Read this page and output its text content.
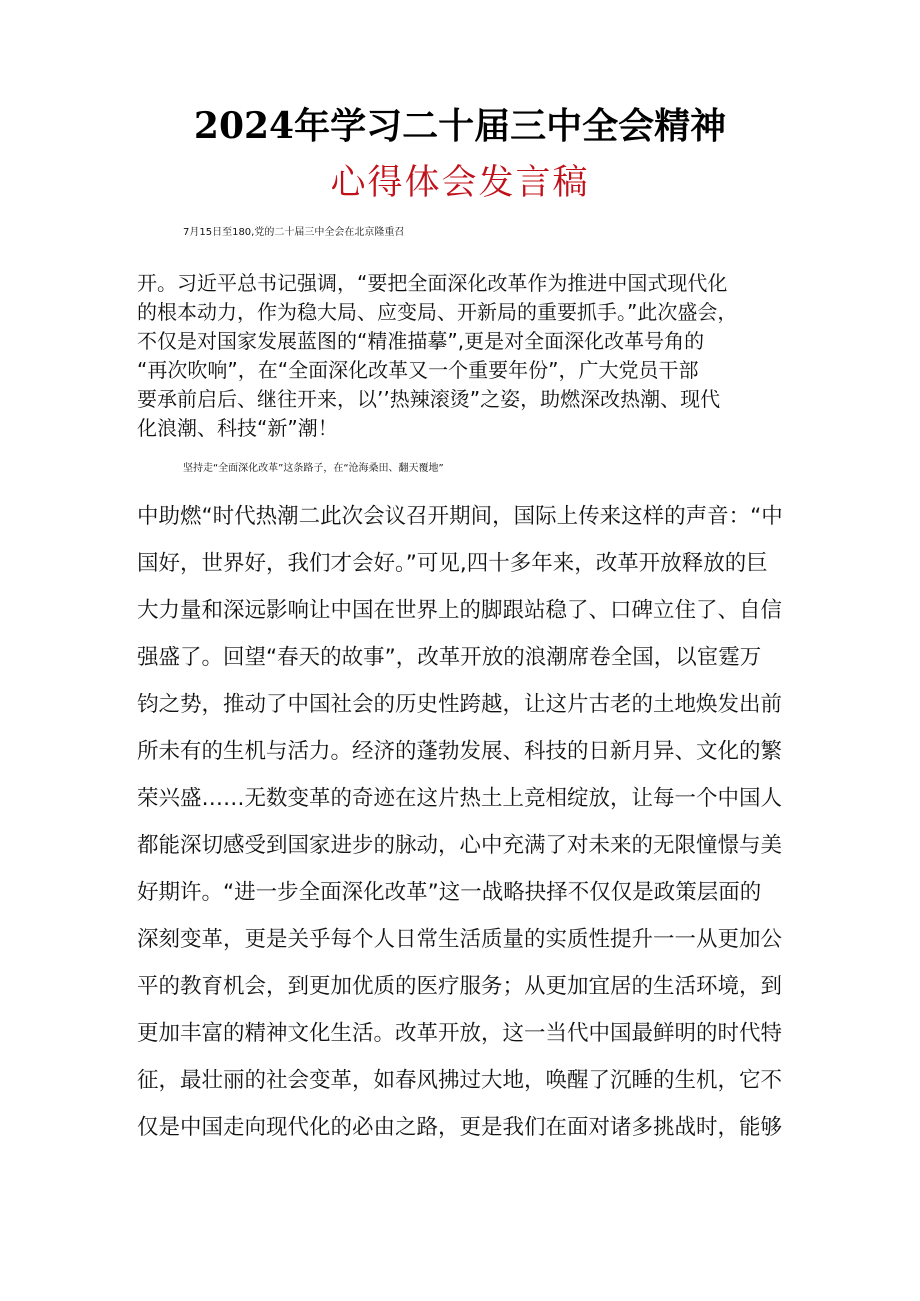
2024年学习二十届三中全会精神
心得体会发言稿
7月15日至180,党的二十届三中全会在北京隆重召
开。习近平总书记强调，“要把全面深化改革作为推进中国式现代化
的根本动力，作为稳大局、应变局、开新局的重要抓手。”此次盛会，
不仅是对国家发展蓝图的“精准描摹”,更是对全面深化改革号角的
“再次吹响”，在“全面深化改革又一个重要年份”，广大党员干部
要承前启后、继往开来，以’’热辣滚烫”之姿，助燃深改热潮、现代
化浪潮、科技“新”潮！
坚持走“全面深化改革”这条路子，在“沧海桑田、翻天覆地”
中助燃“时代热潮二此次会议召开期间，国际上传来这样的声音：“中
国好，世界好，我们才会好。”可见,四十多年来，改革开放释放的巨
大力量和深远影响让中国在世界上的脚跟站稳了、口碑立住了、自信
强盛了。回望“春天的故事”，改革开放的浪潮席卷全国，以宦霆万
钧之势，推动了中国社会的历史性跨越，让这片古老的土地焕发出前
所未有的生机与活力。经济的蓬勃发展、科技的日新月异、文化的繁
荣兴盛……无数变革的奇迹在这片热土上竞相绽放，让每一个中国人
都能深切感受到国家进步的脉动，心中充满了对未来的无限憧憬与美
好期许。“进一步全面深化改革”这一战略抉择不仅仅是政策层面的
深刻变革，更是关乎每个人日常生活质量的实质性提升一一从更加公
平的教育机会，到更加优质的医疗服务；从更加宜居的生活环境，到
更加丰富的精神文化生活。改革开放，这一当代中国最鲜明的时代特
征，最壮丽的社会变革，如春风拂过大地，唤醒了沉睡的生机，它不
仅是中国走向现代化的必由之路，更是我们在面对诸多挑战时，能够
